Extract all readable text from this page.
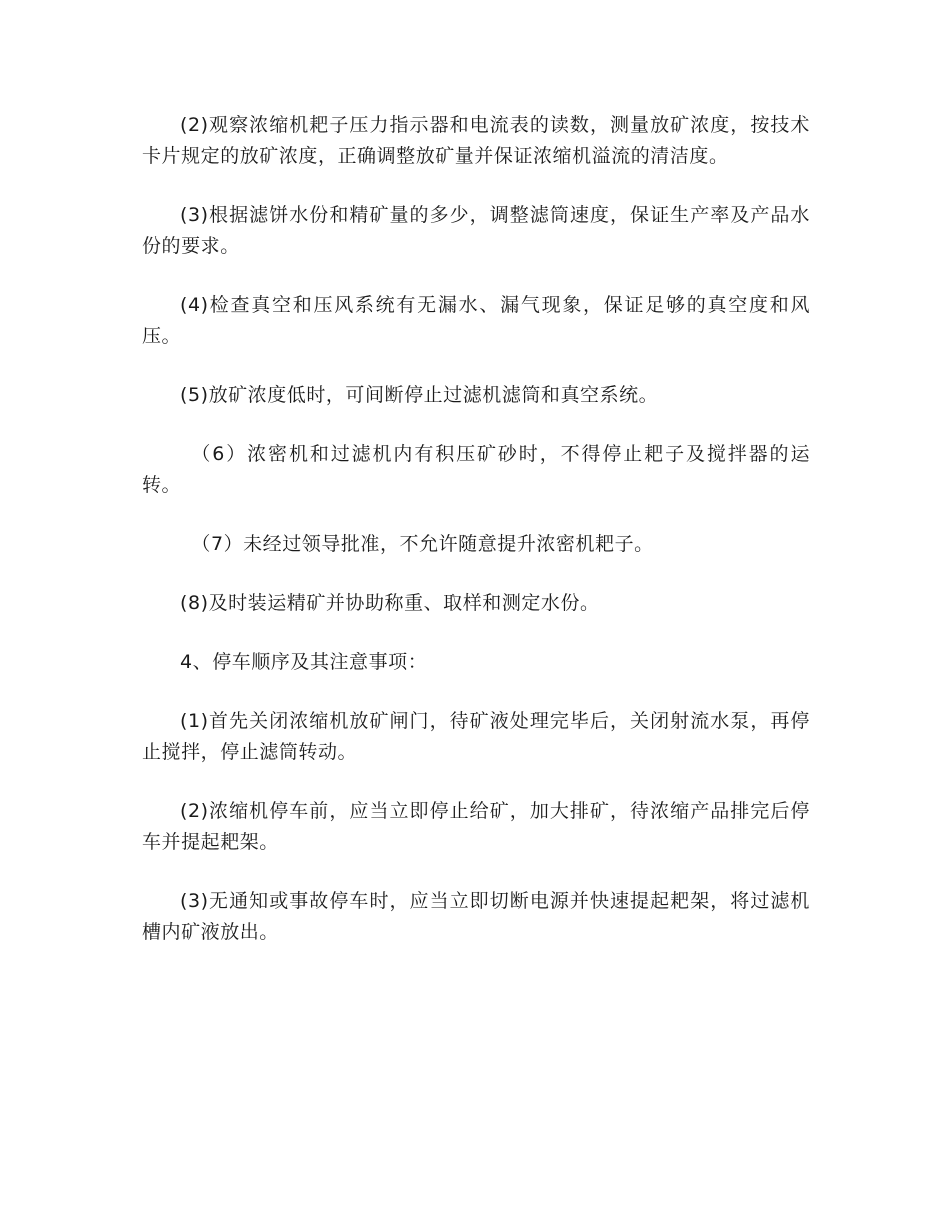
(2)观察浓缩机耙子压力指示器和电流表的读数，测量放矿浓度，按技术卡片规定的放矿浓度，正确调整放矿量并保证浓缩机溢流的清洁度。

(3)根据滤饼水份和精矿量的多少，调整滤筒速度，保证生产率及产品水份的要求。

(4)检查真空和压风系统有无漏水、漏气现象，保证足够的真空度和风压。

(5)放矿浓度低时，可间断停止过滤机滤筒和真空系统。

（6）浓密机和过滤机内有积压矿砂时，不得停止耙子及搅拌器的运转。

（7）未经过领导批准，不允许随意提升浓密机耙子。

(8)及时装运精矿并协助称重、取样和测定水份。

4、停车顺序及其注意事项：

(1)首先关闭浓缩机放矿闸门，待矿液处理完毕后，关闭射流水泵，再停止搅拌，停止滤筒转动。

(2)浓缩机停车前，应当立即停止给矿，加大排矿，待浓缩产品排完后停车并提起耙架。

(3)无通知或事故停车时，应当立即切断电源并快速提起耙架，将过滤机槽内矿液放出。
